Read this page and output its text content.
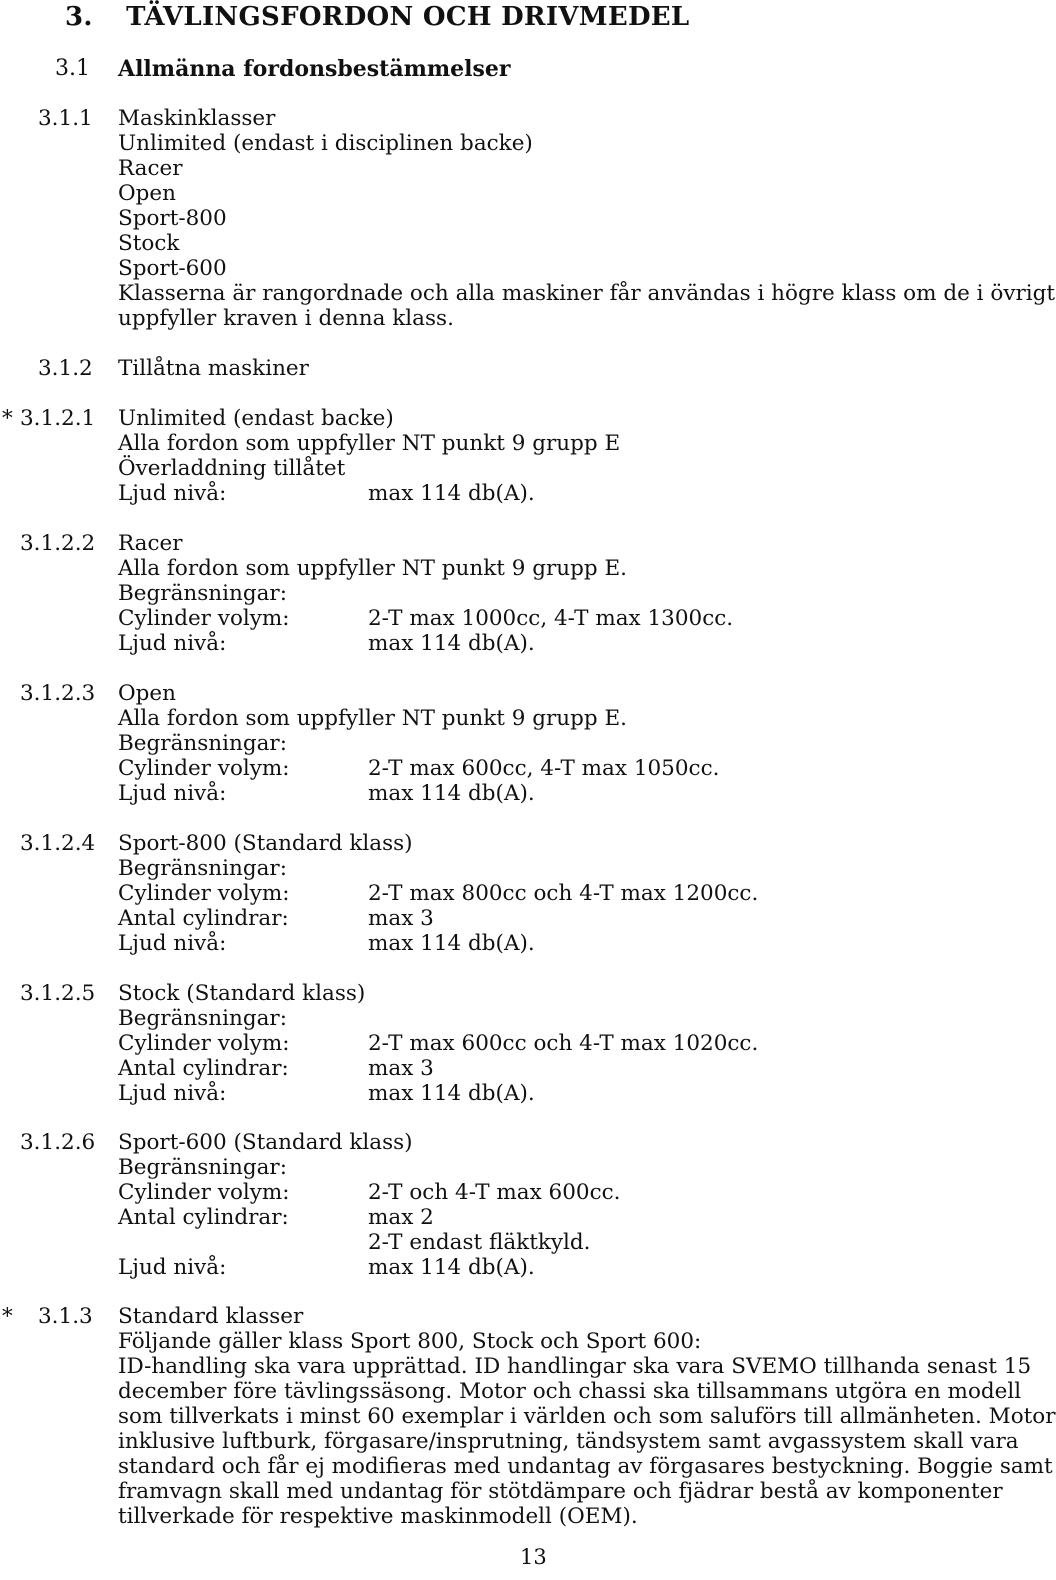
3. TÄVLINGSFORDON OCH DRIVMEDEL
3.1 Allmänna fordonsbestämmelser
3.1.1 Maskinklasser
Unlimited (endast i disciplinen backe)
Racer
Open
Sport-800
Stock
Sport-600
Klasserna är rangordnade och alla maskiner får användas i högre klass om de i övrigt
uppfyller kraven i denna klass.
3.1.2 Tillåtna maskiner
* 3.1.2.1 Unlimited (endast backe)
Alla fordon som uppfyller NT punkt 9 grupp E
Överladdning tillåtet
Ljud nivå:	max 114 db(A).
3.1.2.2 Racer
Alla fordon som uppfyller NT punkt 9 grupp E.
Begränsningar:
Cylinder volym:	2-T max 1000cc, 4-T max 1300cc.
Ljud nivå:	max 114 db(A).
3.1.2.3 Open
Alla fordon som uppfyller NT punkt 9 grupp E.
Begränsningar:
Cylinder volym:	2-T max 600cc, 4-T max 1050cc.
Ljud nivå:	max 114 db(A).
3.1.2.4 Sport-800 (Standard klass)
Begränsningar:
Cylinder volym:	2-T max 800cc och 4-T max 1200cc.
Antal cylindrar:	max 3
Ljud nivå:	max 114 db(A).
3.1.2.5 Stock (Standard klass)
Begränsningar:
Cylinder volym:	2-T max 600cc och 4-T max 1020cc.
Antal cylindrar:	max 3
Ljud nivå:	max 114 db(A).
3.1.2.6 Sport-600 (Standard klass)
Begränsningar:
Cylinder volym:	2-T och 4-T max 600cc.
Antal cylindrar:	max 2
2-T endast fläktkyld.
Ljud nivå:	max 114 db(A).
* 3.1.3 Standard klasser
Följande gäller klass Sport 800, Stock och Sport 600:
ID-handling ska vara upprättad. ID handlingar ska vara SVEMO tillhanda senast 15
december före tävlingssäsong. Motor och chassi ska tillsammans utgöra en modell
som tillverkats i minst 60 exemplar i världen och som saluförs till allmänheten. Motor
inklusive luftburk, förgasare/insprutning, tändsystem samt avgassystem skall vara
standard och får ej modifieras med undantag av förgasares bestyckning. Boggie samt
framvagn skall med undantag för stötdämpare och fjädrar bestå av komponenter
tillverkade för respektive maskinmodell (OEM).
13
